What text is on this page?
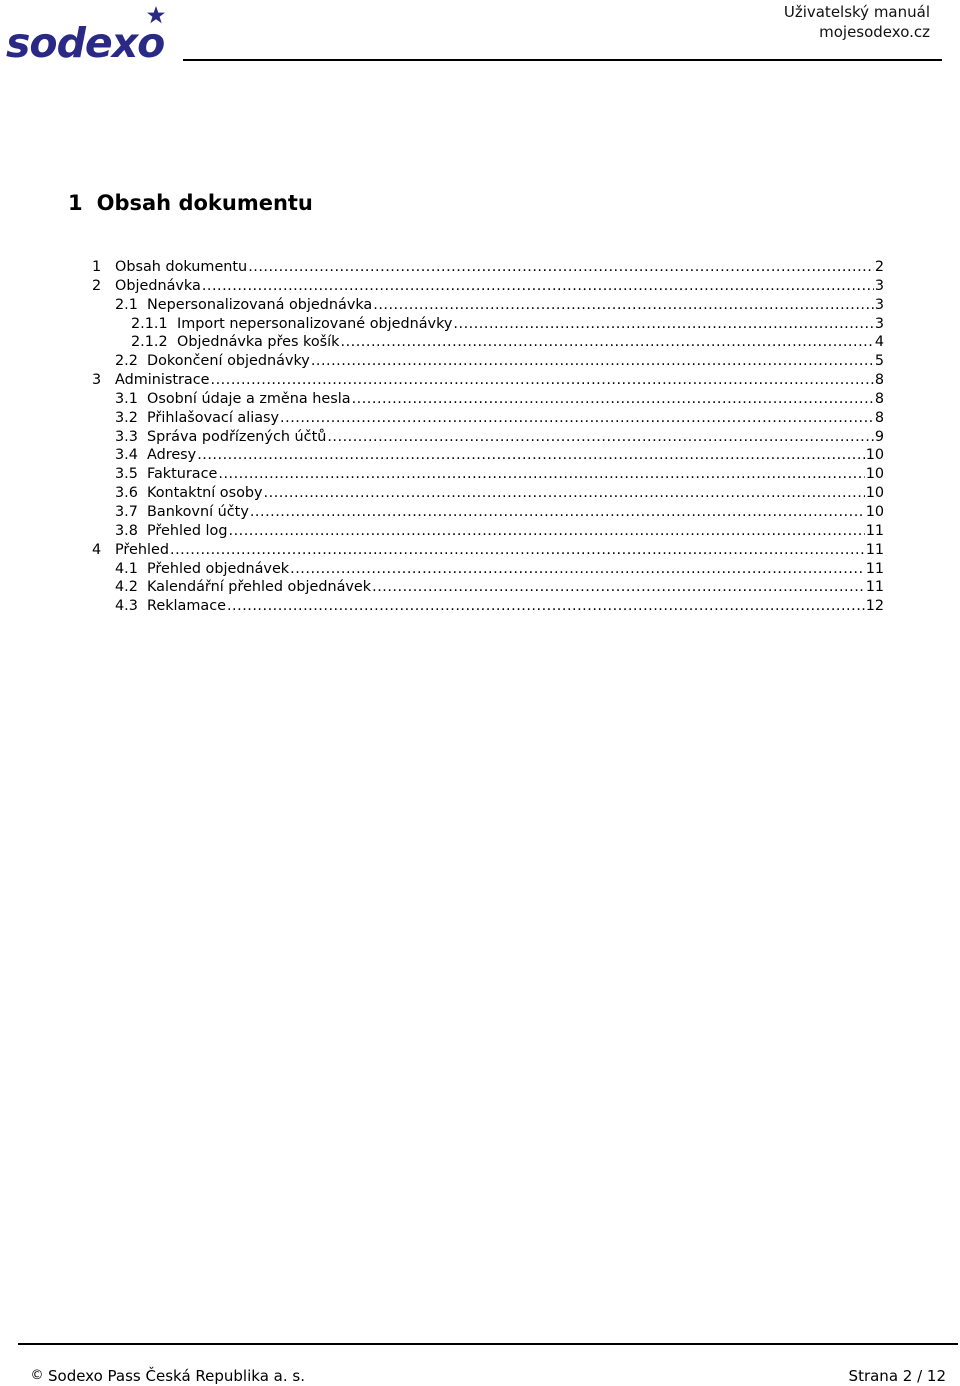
sodexo
Uživatelský manuál
mojesodexo.cz
1 Obsah dokumentu
1 Obsah dokumentu .....	2
2 Objednávka .....	3
2.1 Nepersonalizovaná objednávka .....	3
2.1.1 Import nepersonalizované objednávky .....	3
2.1.2 Objednávka přes košík .....	4
2.2 Dokončení objednávky .....	5
3 Administrace .....	8
3.1 Osobní údaje a změna hesla .....	8
3.2 Přihlašovací aliasy .....	8
3.3 Správa podřízených účtů .....	9
3.4 Adresy .....	10
3.5 Fakturace .....	10
3.6 Kontaktní osoby .....	10
3.7 Bankovní účty .....	10
3.8 Přehled log .....	11
4 Přehled .....	11
4.1 Přehled objednávek .....	11
4.2 Kalendářní přehled objednávek .....	11
4.3 Reklamace .....	12
© Sodexo Pass Česká Republika a. s.	Strana 2 / 12
